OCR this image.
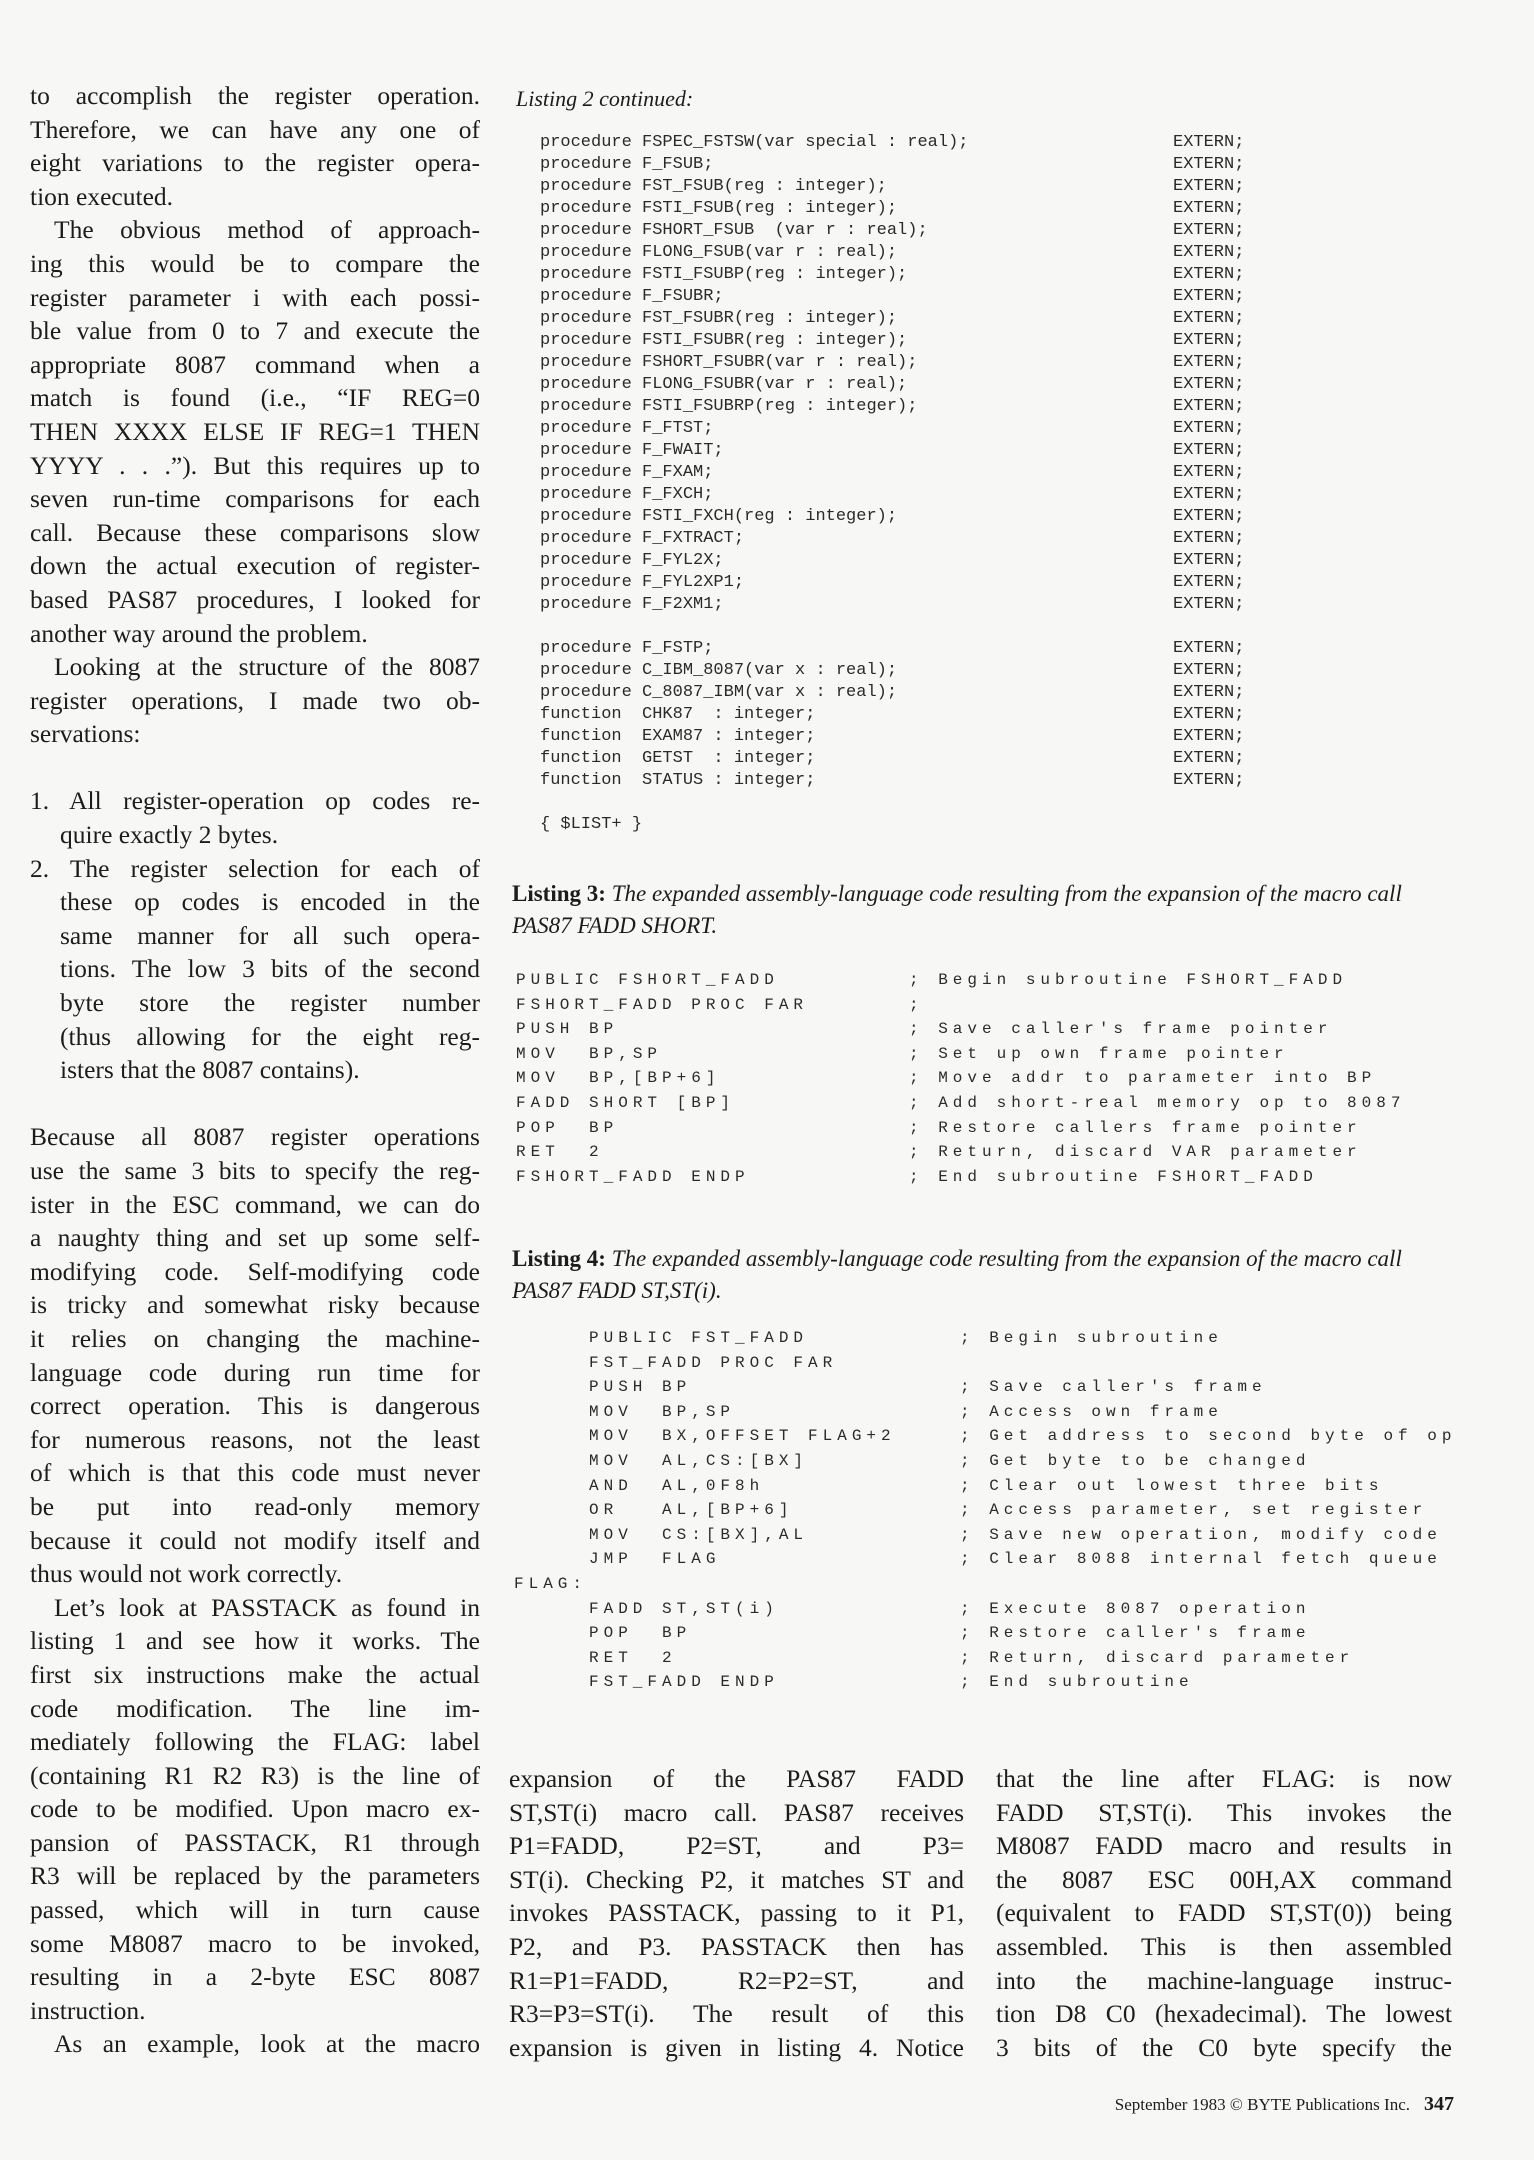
to accomplish the register operation.
Therefore, we can have any one of
eight variations to the register opera-
tion executed.
The obvious method of approach-
ing this would be to compare the
register parameter i with each possi-
ble value from 0 to 7 and execute the
appropriate 8087 command when a
match is found (i.e., “IF REG=0
THEN XXXX ELSE IF REG=1 THEN
YYYY . . .”). But this requires up to
seven run-time comparisons for each
call. Because these comparisons slow
down the actual execution of register-
based PAS87 procedures, I looked for
another way around the problem.
Looking at the structure of the 8087
register operations, I made two ob-
servations:
1. All register-operation op codes re-
quire exactly 2 bytes.
2. The register selection for each of
these op codes is encoded in the
same manner for all such opera-
tions. The low 3 bits of the second
byte store the register number
(thus allowing for the eight reg-
isters that the 8087 contains).
Because all 8087 register operations
use the same 3 bits to specify the reg-
ister in the ESC command, we can do
a naughty thing and set up some self-
modifying code. Self-modifying code
is tricky and somewhat risky because
it relies on changing the machine-
language code during run time for
correct operation. This is dangerous
for numerous reasons, not the least
of which is that this code must never
be put into read-only memory
because it could not modify itself and
thus would not work correctly.
Let’s look at PASSTACK as found in
listing 1 and see how it works. The
first six instructions make the actual
code modification. The line im-
mediately following the FLAG: label
(containing R1 R2 R3) is the line of
code to be modified. Upon macro ex-
pansion of PASSTACK, R1 through
R3 will be replaced by the parameters
passed, which will in turn cause
some M8087 macro to be invoked,
resulting in a 2-byte ESC 8087
instruction.
As an example, look at the macro
Listing 2 continued:
procedure FSPEC_FSTSW(var special : real);	EXTERN;
procedure F_FSUB;	EXTERN;
procedure FST_FSUB(reg : integer);	EXTERN;
procedure FSTI_FSUB(reg : integer);	EXTERN;
procedure FSHORT_FSUB  (var r : real);	EXTERN;
procedure FLONG_FSUB(var r : real);	EXTERN;
procedure FSTI_FSUBP(reg : integer);	EXTERN;
procedure F_FSUBR;	EXTERN;
procedure FST_FSUBR(reg : integer);	EXTERN;
procedure FSTI_FSUBR(reg : integer);	EXTERN;
procedure FSHORT_FSUBR(var r : real);	EXTERN;
procedure FLONG_FSUBR(var r : real);	EXTERN;
procedure FSTI_FSUBRP(reg : integer);	EXTERN;
procedure F_FTST;	EXTERN;
procedure F_FWAIT;	EXTERN;
procedure F_FXAM;	EXTERN;
procedure F_FXCH;	EXTERN;
procedure FSTI_FXCH(reg : integer);	EXTERN;
procedure F_FXTRACT;	EXTERN;
procedure F_FYL2X;	EXTERN;
procedure F_FYL2XP1;	EXTERN;
procedure F_F2XM1;	EXTERN;
procedure F_FSTP;	EXTERN;
procedure C_IBM_8087(var x : real);	EXTERN;
procedure C_8087_IBM(var x : real);	EXTERN;
function  CHK87  : integer;	EXTERN;
function  EXAM87 : integer;	EXTERN;
function  GETST  : integer;	EXTERN;
function  STATUS : integer;	EXTERN;
{ $LIST+ }
Listing 3: The expanded assembly-language code resulting from the expansion of the macro call PAS87 FADD SHORT.
PUBLIC FSHORT_FADD	; Begin subroutine FSHORT_FADD
FSHORT_FADD PROC FAR	;
PUSH BP	; Save caller's frame pointer
MOV  BP,SP	; Set up own frame pointer
MOV  BP,[BP+6]	; Move addr to parameter into BP
FADD SHORT [BP]	; Add short-real memory op to 8087
POP  BP	; Restore callers frame pointer
RET  2	; Return, discard VAR parameter
FSHORT_FADD ENDP	; End subroutine FSHORT_FADD
Listing 4: The expanded assembly-language code resulting from the expansion of the macro call PAS87 FADD ST,ST(i).
PUBLIC FST_FADD	; Begin subroutine
FST_FADD PROC FAR
PUSH BP	; Save caller's frame
MOV  BP,SP	; Access own frame
MOV  BX,OFFSET FLAG+2	; Get address to second byte of op
MOV  AL,CS:[BX]	; Get byte to be changed
AND  AL,0F8h	; Clear out lowest three bits
OR   AL,[BP+6]	; Access parameter, set register
MOV  CS:[BX],AL	; Save new operation, modify code
JMP  FLAG	; Clear 8088 internal fetch queue
FLAG:
FADD ST,ST(i)	; Execute 8087 operation
POP  BP	; Restore caller's frame
RET  2	; Return, discard parameter
FST_FADD ENDP	; End subroutine
expansion of the PAS87 FADD
ST,ST(i) macro call. PAS87 receives
P1=FADD, P2=ST, and P3=
ST(i). Checking P2, it matches ST and
invokes PASSTACK, passing to it P1,
P2, and P3. PASSTACK then has
R1=P1=FADD, R2=P2=ST, and
R3=P3=ST(i). The result of this
expansion is given in listing 4. Notice
that the line after FLAG: is now
FADD ST,ST(i). This invokes the
M8087 FADD macro and results in
the 8087 ESC 00H,AX command
(equivalent to FADD ST,ST(0)) being
assembled. This is then assembled
into the machine-language instruc-
tion D8 C0 (hexadecimal). The lowest
3 bits of the C0 byte specify the
September 1983 © BYTE Publications Inc. 347
